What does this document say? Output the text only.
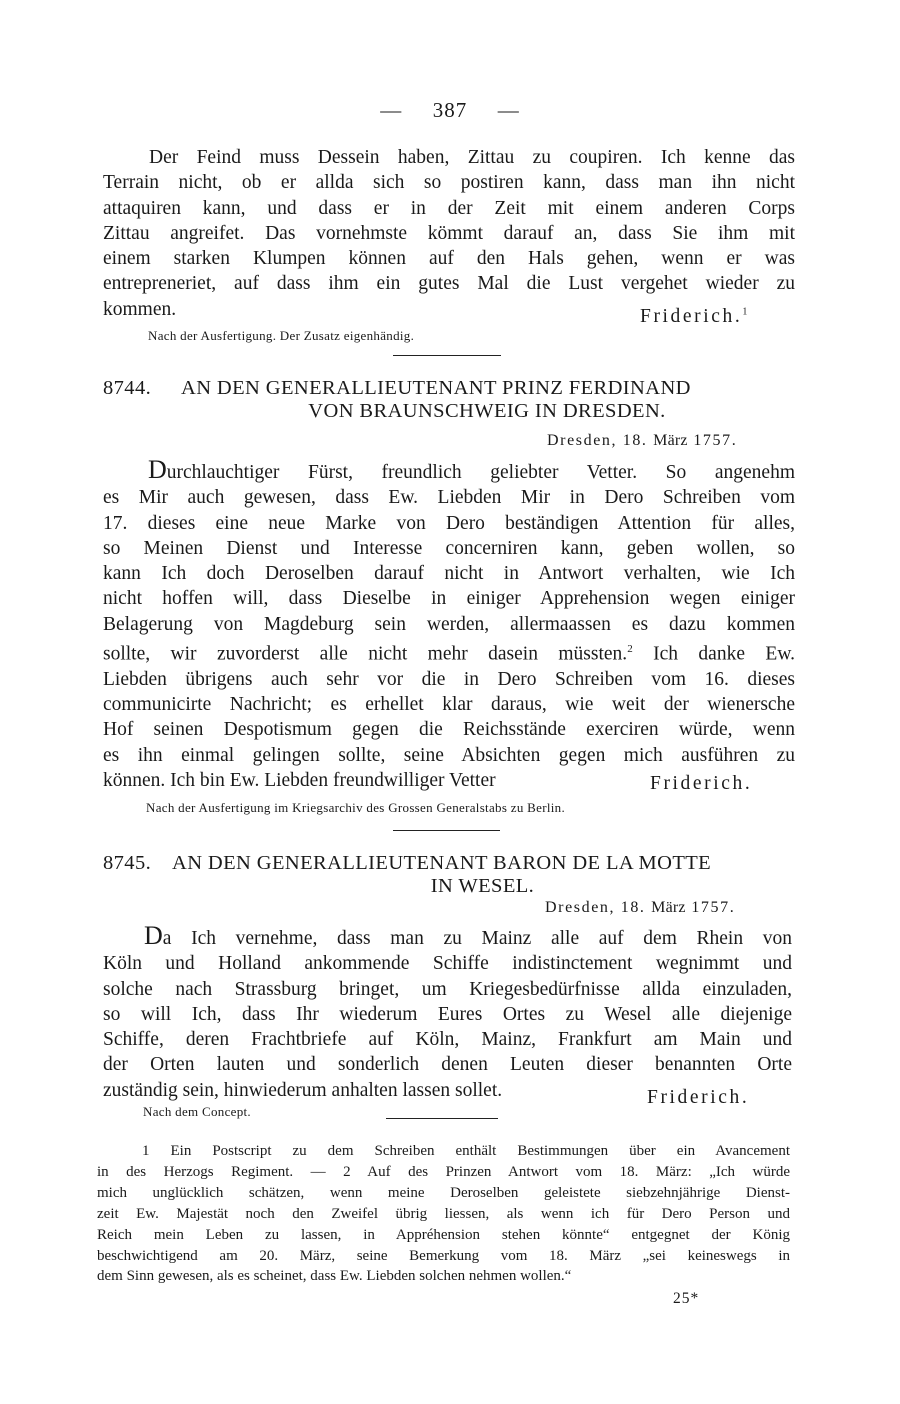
— 387 —
Der Feind muss Dessein haben, Zittau zu coupiren. Ich kenne das
Terrain nicht, ob er allda sich so postiren kann, dass man ihn nicht
attaquiren kann, und dass er in der Zeit mit einem anderen Corps
Zittau angreifet. Das vornehmste kömmt darauf an, dass Sie ihm mit
einem starken Klumpen können auf den Hals gehen, wenn er was
entrepreneriet, auf dass ihm ein gutes Mal die Lust vergehet wieder zu
kommen.	Friderich.$^1$
Nach der Ausfertigung. Der Zusatz eigenhändig.
8744. AN DEN GENERALLIEUTENANT PRINZ FERDINAND
VON BRAUNSCHWEIG IN DRESDEN.
Dresden, 18. März 1757.
Durchlauchtiger Fürst, freundlich geliebter Vetter. So angenehm
es Mir auch gewesen, dass Ew. Liebden Mir in Dero Schreiben vom
17. dieses eine neue Marke von Dero beständigen Attention für alles,
so Meinen Dienst und Interesse concerniren kann, geben wollen, so
kann Ich doch Deroselben darauf nicht in Antwort verhalten, wie Ich
nicht hoffen will, dass Dieselbe in einiger Apprehension wegen einiger
Belagerung von Magdeburg sein werden, allermaassen es dazu kommen
sollte, wir zuvorderst alle nicht mehr dasein müssten.$^2$ Ich danke Ew.
Liebden übrigens auch sehr vor die in Dero Schreiben vom 16. dieses
communicirte Nachricht; es erhellet klar daraus, wie weit der wienersche
Hof seinen Despotismum gegen die Reichsstände exerciren würde, wenn
es ihn einmal gelingen sollte, seine Absichten gegen mich ausführen zu
können. Ich bin Ew. Liebden freundwilliger Vetter	Friderich.
Nach der Ausfertigung im Kriegsarchiv des Grossen Generalstabs zu Berlin.
8745. AN DEN GENERALLIEUTENANT BARON DE LA MOTTE
IN WESEL.
Dresden, 18. März 1757.
Da Ich vernehme, dass man zu Mainz alle auf dem Rhein von
Köln und Holland ankommende Schiffe indistinctement wegnimmt und
solche nach Strassburg bringet, um Kriegesbedürfnisse allda einzuladen,
so will Ich, dass Ihr wiederum Eures Ortes zu Wesel alle diejenige
Schiffe, deren Frachtbriefe auf Köln, Mainz, Frankfurt am Main und
der Orten lauten und sonderlich denen Leuten dieser benannten Orte
zuständig sein, hinwiederum anhalten lassen sollet.	Friderich.
Nach dem Concept.
1 Ein Postscript zu dem Schreiben enthält Bestimmungen über ein Avancement
in des Herzogs Regiment. — 2 Auf des Prinzen Antwort vom 18. März: „Ich würde
mich unglücklich schätzen, wenn meine Deroselben geleistete siebzehnjährige Dienst-
zeit Ew. Majestät noch den Zweifel übrig liessen, als wenn ich für Dero Person und
Reich mein Leben zu lassen, in Appréhension stehen könnte“ entgegnet der König
beschwichtigend am 20. März, seine Bemerkung vom 18. März „sei keineswegs in
dem Sinn gewesen, als es scheinet, dass Ew. Liebden solchen nehmen wollen.“
25*
